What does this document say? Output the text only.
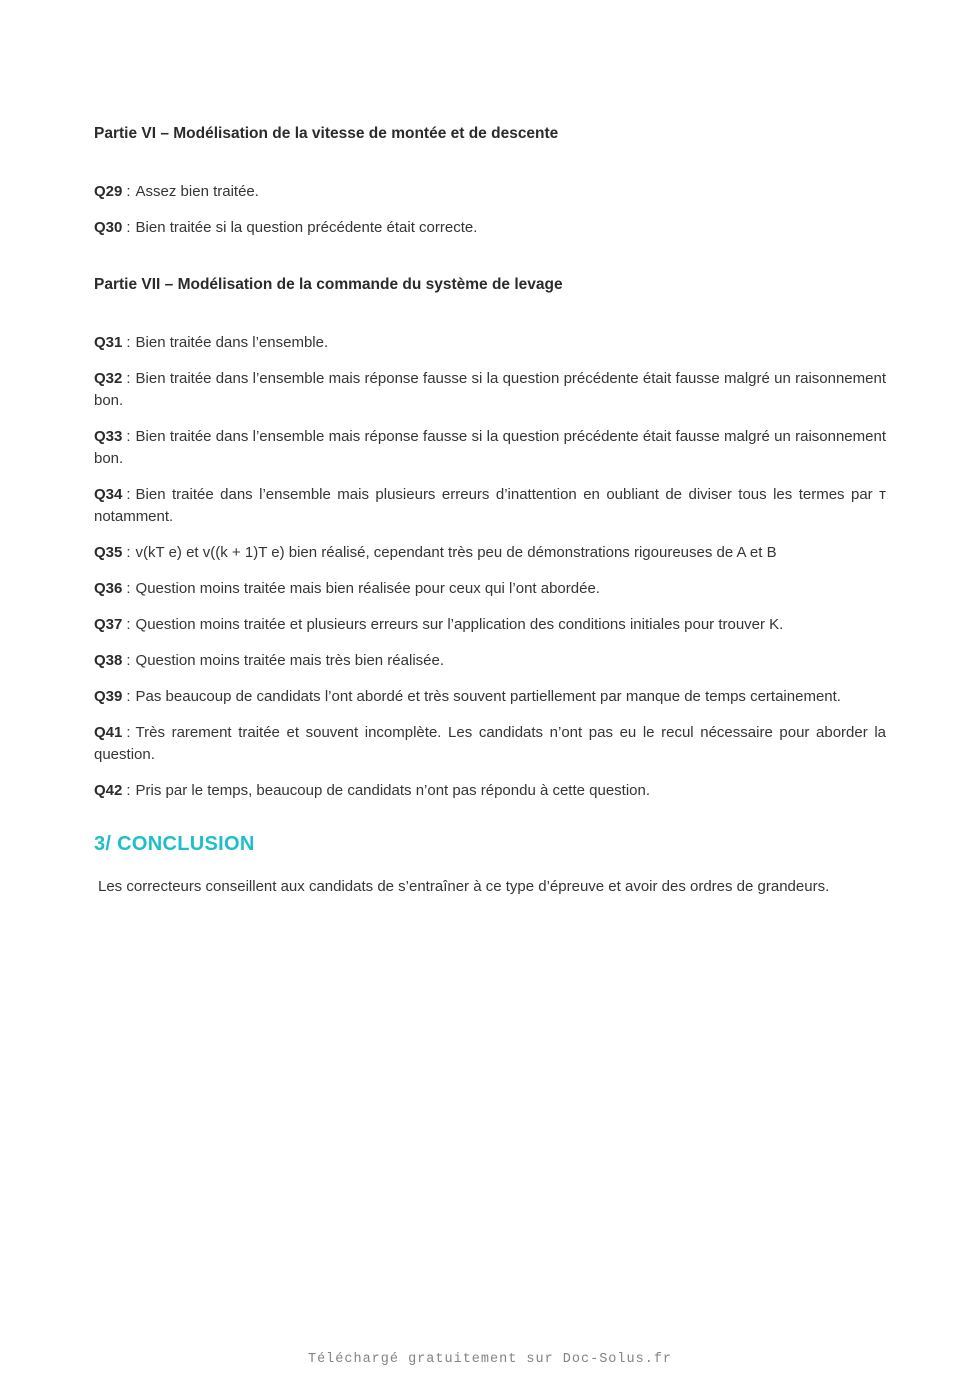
Partie VI – Modélisation de la vitesse de montée et de descente

Q29 : Assez bien traitée.

Q30 : Bien traitée si la question précédente était correcte.

Partie VII – Modélisation de la commande du système de levage

Q31 : Bien traitée dans l’ensemble.

Q32 : Bien traitée dans l’ensemble mais réponse fausse si la question précédente était fausse malgré un raisonnement bon.

Q33 : Bien traitée dans l’ensemble mais réponse fausse si la question précédente était fausse malgré un raisonnement bon.

Q34 : Bien traitée dans l’ensemble mais plusieurs erreurs d’inattention en oubliant de diviser tous les termes par ᴛ notamment.

Q35 : v(kT e) et v((k + 1)T e) bien réalisé, cependant très peu de démonstrations rigoureuses de A et B

Q36 : Question moins traitée mais bien réalisée pour ceux qui l’ont abordée.

Q37 : Question moins traitée et plusieurs erreurs sur l’application des conditions initiales pour trouver K.

Q38 : Question moins traitée mais très bien réalisée.

Q39 : Pas beaucoup de candidats l’ont abordé et très souvent partiellement par manque de temps certainement.

Q41 : Très rarement traitée et souvent incomplète. Les candidats n’ont pas eu le recul nécessaire pour aborder la question.

Q42 : Pris par le temps, beaucoup de candidats n’ont pas répondu à cette question.

3/ CONCLUSION

Les correcteurs conseillent aux candidats de s’entraîner à ce type d’épreuve et avoir des ordres de grandeurs.

Téléchargé gratuitement sur Doc-Solus.fr
